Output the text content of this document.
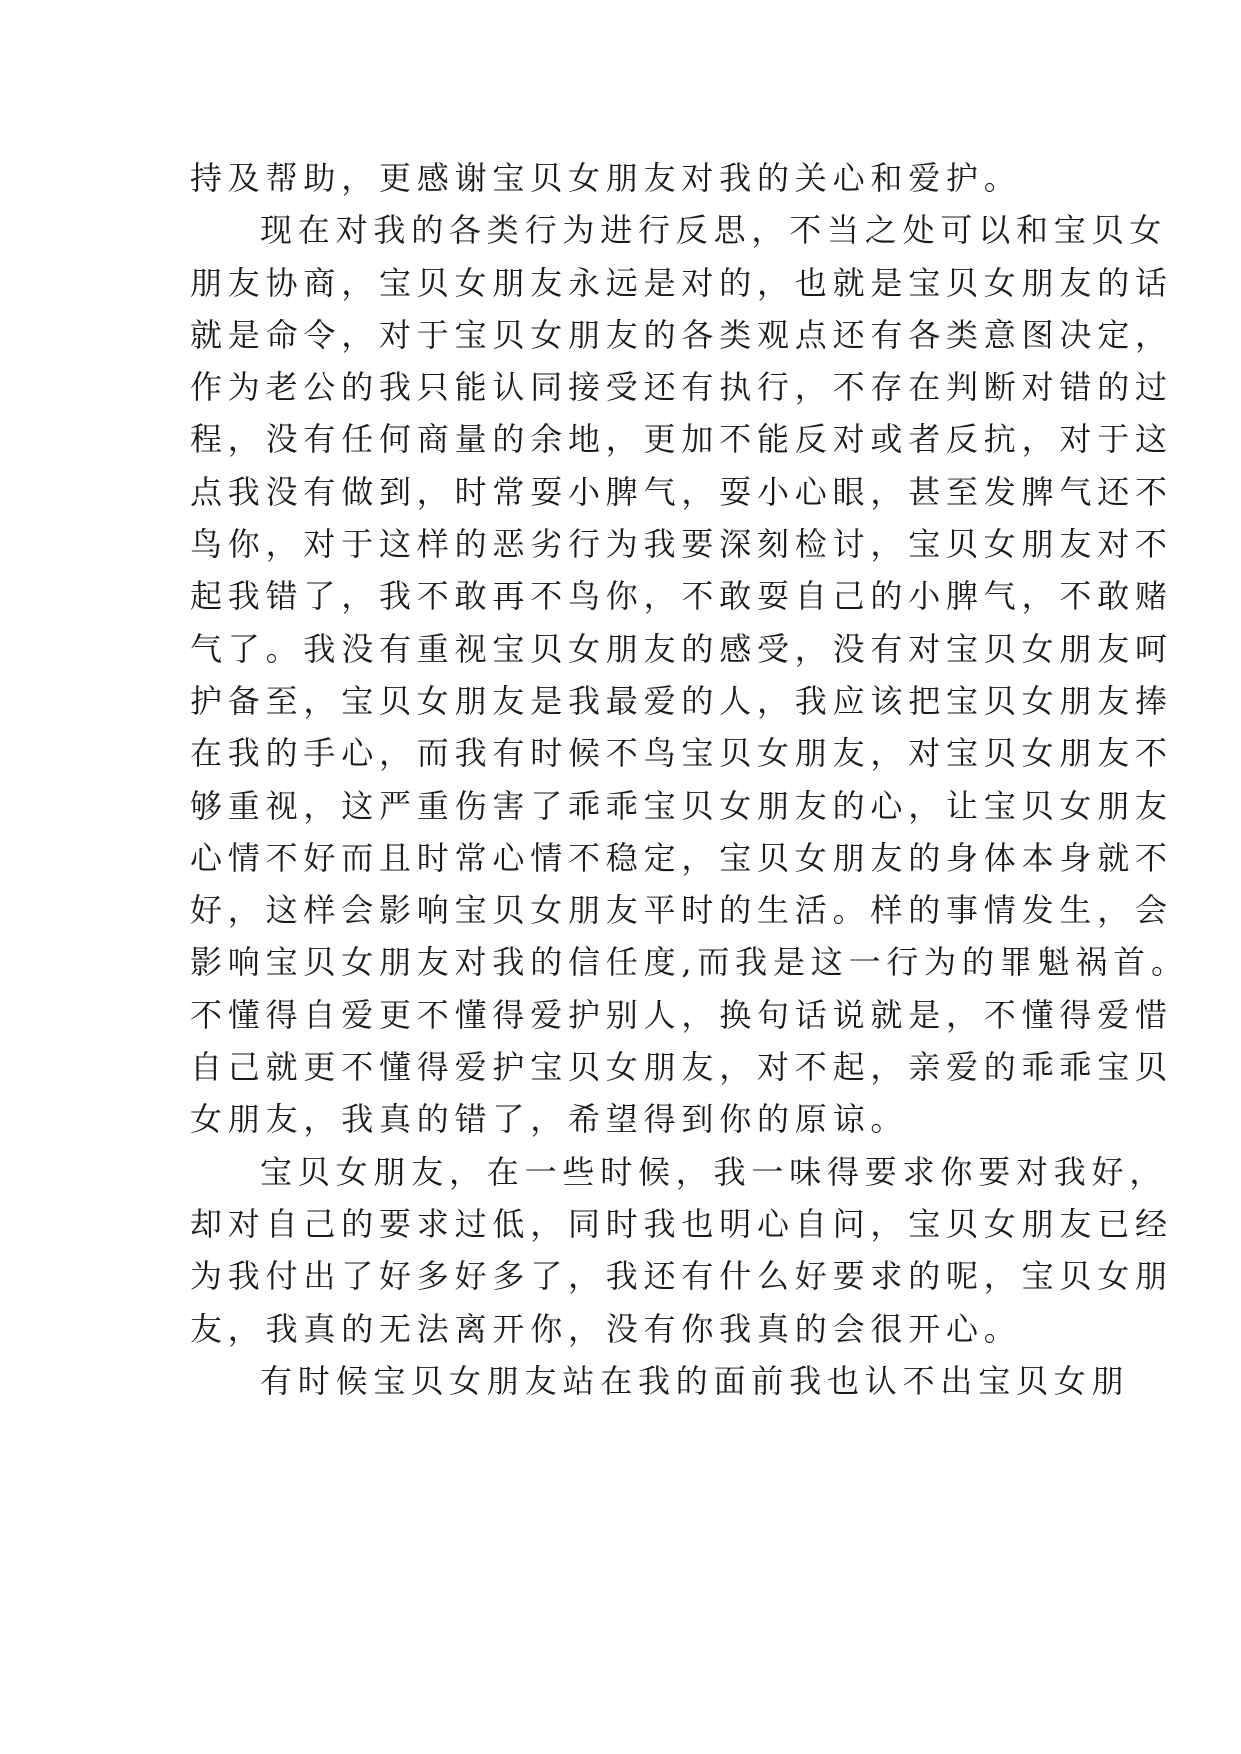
持及帮助，更感谢宝贝女朋友对我的关心和爱护。
现在对我的各类行为进行反思，不当之处可以和宝贝女
朋友协商，宝贝女朋友永远是对的，也就是宝贝女朋友的话
就是命令，对于宝贝女朋友的各类观点还有各类意图决定，
作为老公的我只能认同接受还有执行，不存在判断对错的过
程，没有任何商量的余地，更加不能反对或者反抗，对于这
点我没有做到，时常耍小脾气，耍小心眼，甚至发脾气还不
鸟你，对于这样的恶劣行为我要深刻检讨，宝贝女朋友对不
起我错了，我不敢再不鸟你，不敢耍自己的小脾气，不敢赌
气了。我没有重视宝贝女朋友的感受，没有对宝贝女朋友呵
护备至，宝贝女朋友是我最爱的人，我应该把宝贝女朋友捧
在我的手心，而我有时候不鸟宝贝女朋友，对宝贝女朋友不
够重视，这严重伤害了乖乖宝贝女朋友的心，让宝贝女朋友
心情不好而且时常心情不稳定，宝贝女朋友的身体本身就不
好，这样会影响宝贝女朋友平时的生活。样的事情发生，会
影响宝贝女朋友对我的信任度,而我是这一行为的罪魁祸首。
不懂得自爱更不懂得爱护别人，换句话说就是，不懂得爱惜
自己就更不懂得爱护宝贝女朋友，对不起，亲爱的乖乖宝贝
女朋友，我真的错了，希望得到你的原谅。
宝贝女朋友，在一些时候，我一味得要求你要对我好，
却对自己的要求过低，同时我也明心自问，宝贝女朋友已经
为我付出了好多好多了，我还有什么好要求的呢，宝贝女朋
友，我真的无法离开你，没有你我真的会很开心。
有时候宝贝女朋友站在我的面前我也认不出宝贝女朋
